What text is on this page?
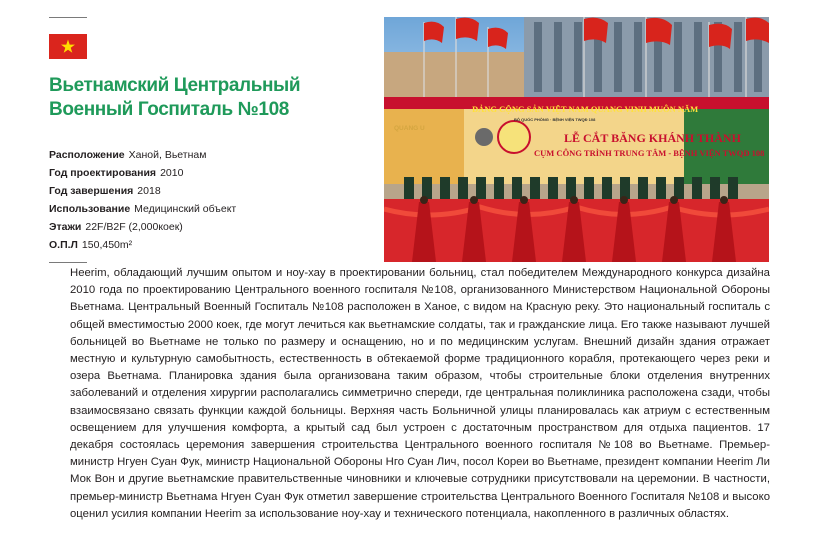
Вьетнамский Центральный
Военный Госпиталь №108
Расположение Ханой, Вьетнам
Год проектирования 2010
Год завершения 2018
Использование Медицинский объект
Этажи 22F/B2F (2,000коек)
О.П.Л 150,450m²
ĐẢNG CỘNG SẢN VIỆT NAM QUANG VINH MUÔN NĂM
BỘ QUỐC PHÒNG · BỆNH VIỆN TWQĐ 108
LỄ CẮT BĂNG KHÁNH THÀNH
CỤM CÔNG TRÌNH TRUNG TÂM - BỆNH VIỆN TWQĐ 108
QUANG U
Heerim, обладающий лучшим опытом и ноу-хау в проектировании больниц, стал победителем Международного конкурса дизайна 2010 года по проектированию Центрального военного госпиталя №108, организованного Министерством Национальной Обороны Вьетнама. Центральный Военный Госпиталь №108 расположен в Ханое, с видом на Красную реку. Это национальный госпиталь с общей вместимостью 2000 коек, где могут лечиться как вьетнамские солдаты, так и гражданские лица. Его также называют лучшей больницей во Вьетнаме не только по размеру и оснащению, но и по медицинским услугам. Внешний дизайн здания отражает местную и культурную самобытность, естественность в обтекаемой форме традиционного корабля, протекающего через реки и озера Вьетнама. Планировка здания была организована таким образом, чтобы строительные блоки отделения внутренних заболеваний и отделения хирургии располагались симметрично спереди, где центральная поликлиника расположена сзади, чтобы взаимосвязано связать функции каждой больницы. Верхняя часть Больничной улицы планировалась как атриум с естественным освещением для улучшения комфорта, а крытый сад был устроен с достаточным пространством для отдыха пациентов. 17 декабря состоялась церемония завершения строительства Центрального военного госпиталя №108 во Вьетнаме. Премьер-министр Нгуен Суан Фук, министр Национальной Обороны Нго Суан Лич, посол Кореи во Вьетнаме, президент компании Heerim Ли Мок Вон и другие вьетнамские правительственные чиновники и ключевые сотрудники присутствовали на церемонии. В частности, премьер-министр Вьетнама Нгуен Суан Фук отметил завершение строительства Центрального Военного Госпиталя №108 и высоко оценил усилия компании Heerim за использование ноу-хау и технического потенциала, накопленного в различных областях.
